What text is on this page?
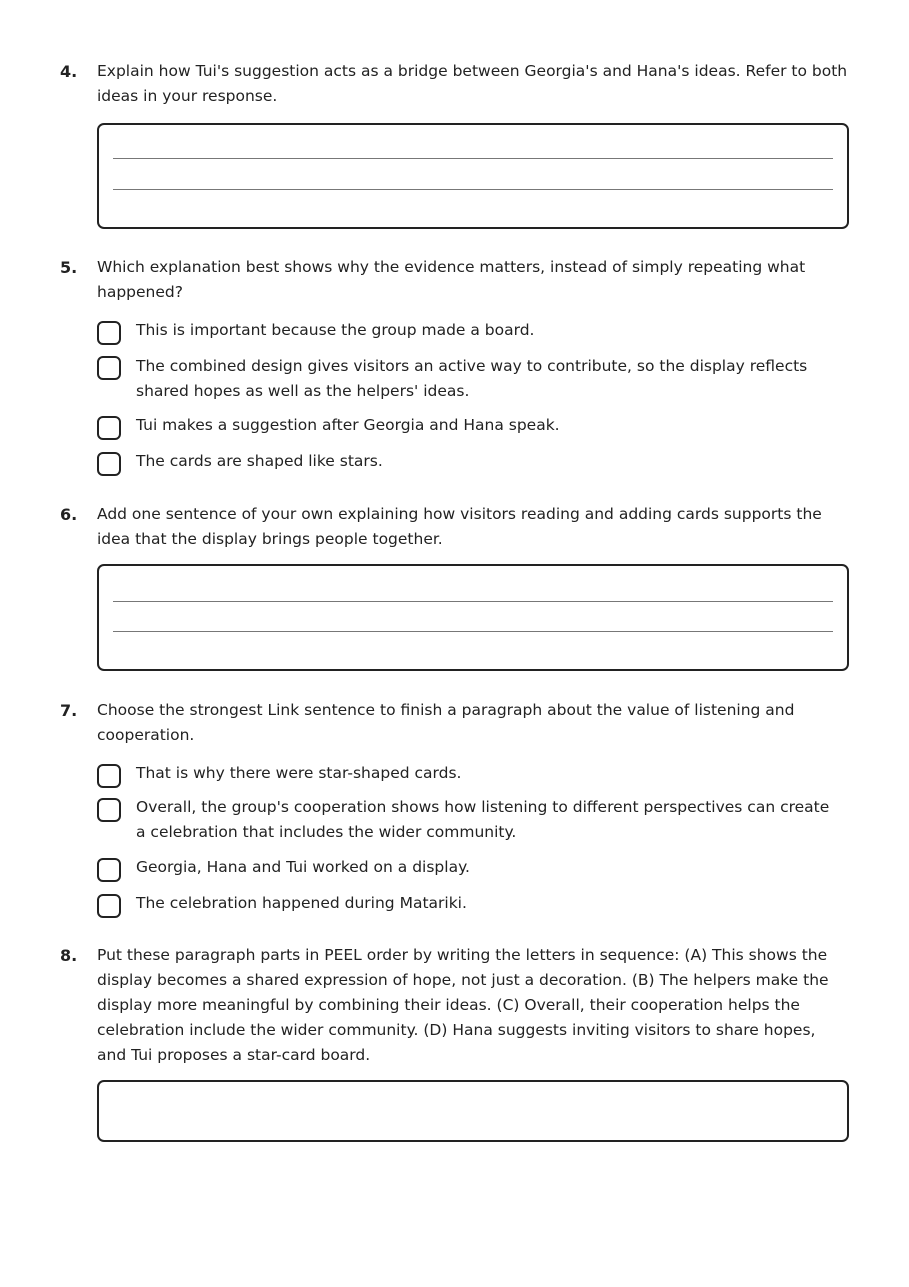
4. Explain how Tui's suggestion acts as a bridge between Georgia's and Hana's ideas. Refer to both ideas in your response.
5. Which explanation best shows why the evidence matters, instead of simply repeating what happened?
This is important because the group made a board.
The combined design gives visitors an active way to contribute, so the display reflects shared hopes as well as the helpers' ideas.
Tui makes a suggestion after Georgia and Hana speak.
The cards are shaped like stars.
6. Add one sentence of your own explaining how visitors reading and adding cards supports the idea that the display brings people together.
7. Choose the strongest Link sentence to finish a paragraph about the value of listening and cooperation.
That is why there were star-shaped cards.
Overall, the group's cooperation shows how listening to different perspectives can create a celebration that includes the wider community.
Georgia, Hana and Tui worked on a display.
The celebration happened during Matariki.
8. Put these paragraph parts in PEEL order by writing the letters in sequence: (A) This shows the display becomes a shared expression of hope, not just a decoration. (B) The helpers make the display more meaningful by combining their ideas. (C) Overall, their cooperation helps the celebration include the wider community. (D) Hana suggests inviting visitors to share hopes, and Tui proposes a star-card board.
